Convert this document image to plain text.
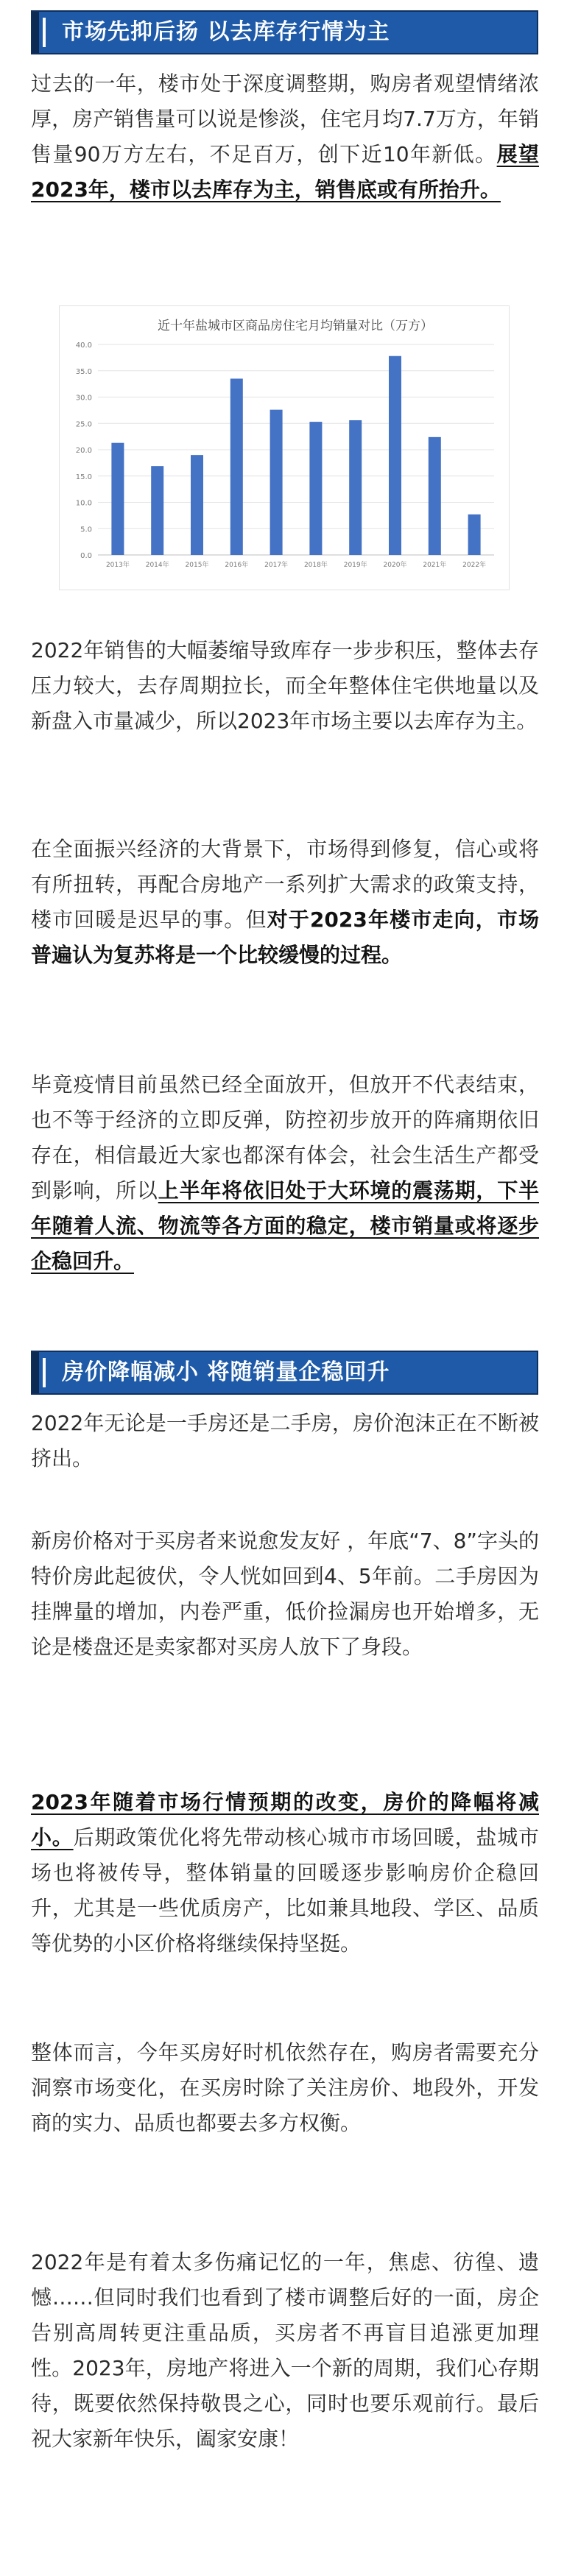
市场先抑后扬 以去库存行情为主

过去的一年，楼市处于深度调整期，购房者观望情绪浓厚，房产销售量可以说是惨淡，住宅月均7.7万方，年销售量90万方左右，不足百万，创下近10年新低。展望2023年，楼市以去库存为主，销售底或有所抬升。

近十年盐城市区商品房住宅月均销量对比（万方）
0.0
5.0
10.0
15.0
20.0
25.0
30.0
35.0
40.0
2013年 2014年 2015年 2016年 2017年 2018年 2019年 2020年 2021年 2022年

2022年销售的大幅萎缩导致库存一步步积压，整体去存压力较大，去存周期拉长，而全年整体住宅供地量以及新盘入市量减少，所以2023年市场主要以去库存为主。

在全面振兴经济的大背景下，市场得到修复，信心或将有所扭转，再配合房地产一系列扩大需求的政策支持，楼市回暖是迟早的事。但对于2023年楼市走向，市场普遍认为复苏将是一个比较缓慢的过程。

毕竟疫情目前虽然已经全面放开，但放开不代表结束，也不等于经济的立即反弹，防控初步放开的阵痛期依旧存在，相信最近大家也都深有体会，社会生活生产都受到影响，所以上半年将依旧处于大环境的震荡期，下半年随着人流、物流等各方面的稳定，楼市销量或将逐步企稳回升。

房价降幅减小 将随销量企稳回升

2022年无论是一手房还是二手房，房价泡沫正在不断被挤出。

新房价格对于买房者来说愈发友好 ，年底“7、8”字头的特价房此起彼伏，令人恍如回到4、5年前。二手房因为挂牌量的增加，内卷严重，低价捡漏房也开始增多，无论是楼盘还是卖家都对买房人放下了身段。

2023年随着市场行情预期的改变，房价的降幅将减小。后期政策优化将先带动核心城市市场回暖，盐城市场也将被传导，整体销量的回暖逐步影响房价企稳回升，尤其是一些优质房产，比如兼具地段、学区、品质等优势的小区价格将继续保持坚挺。

整体而言，今年买房好时机依然存在，购房者需要充分洞察市场变化，在买房时除了关注房价、地段外，开发商的实力、品质也都要去多方权衡。

2022年是有着太多伤痛记忆的一年，焦虑、彷徨、遗憾……但同时我们也看到了楼市调整后好的一面，房企告别高周转更注重品质，买房者不再盲目追涨更加理性。2023年，房地产将进入一个新的周期，我们心存期待，既要依然保持敬畏之心，同时也要乐观前行。最后祝大家新年快乐，阖家安康！
